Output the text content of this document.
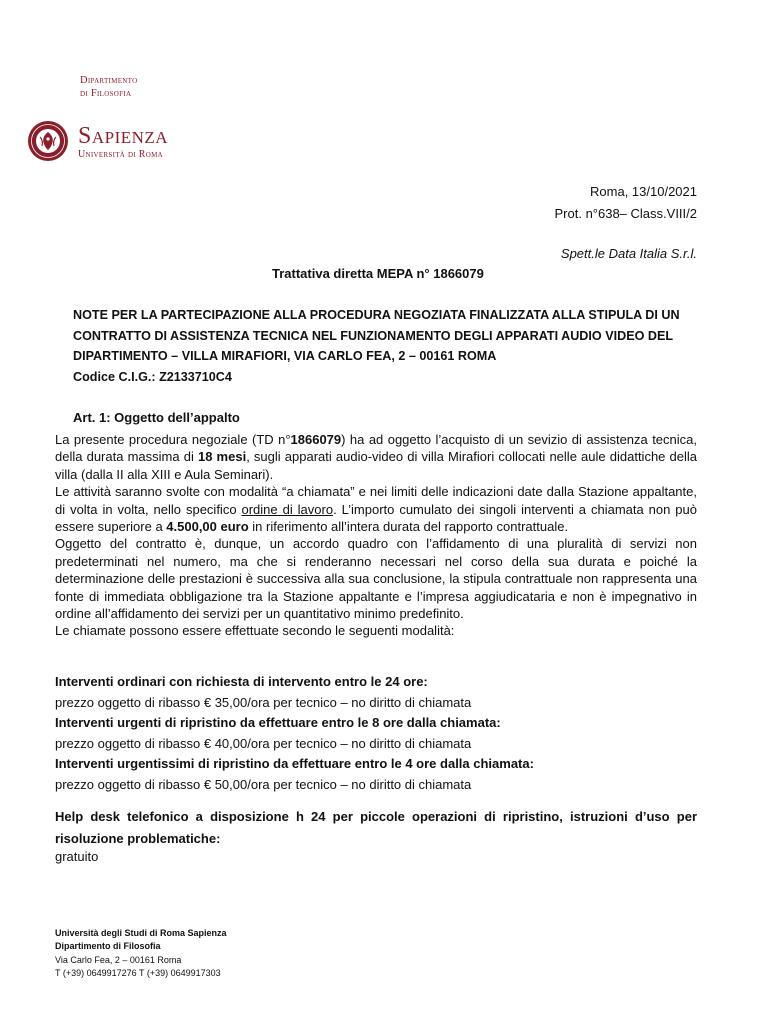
Dipartimento
di Filosofia
Sapienza
Università di Roma
Roma, 13/10/2021
Prot. n°638– Class.VIII/2
Spett.le Data Italia S.r.l.
Trattativa diretta MEPA n° 1866079
NOTE PER LA PARTECIPAZIONE ALLA PROCEDURA NEGOZIATA FINALIZZATA ALLA STIPULA DI UN
CONTRATTO DI ASSISTENZA TECNICA NEL FUNZIONAMENTO DEGLI APPARATI AUDIO VIDEO DEL
DIPARTIMENTO – VILLA MIRAFIORI, VIA CARLO FEA, 2 – 00161 ROMA
Codice C.I.G.: Z2133710C4
Art. 1: Oggetto dell’appalto
La presente procedura negoziale (TD n°1866079) ha ad oggetto l’acquisto di un sevizio di assistenza tecnica, della durata massima di 18 mesi, sugli apparati audio-video di villa Mirafiori collocati nelle aule didattiche della villa (dalla II alla XIII e Aula Seminari).
Le attività saranno svolte con modalità “a chiamata” e nei limiti delle indicazioni date dalla Stazione appaltante, di volta in volta, nello specifico ordine di lavoro. L’importo cumulato dei singoli interventi a chiamata non può essere superiore a 4.500,00 euro in riferimento all’intera durata del rapporto contrattuale.
Oggetto del contratto è, dunque, un accordo quadro con l’affidamento di una pluralità di servizi non predeterminati nel numero, ma che si renderanno necessari nel corso della sua durata e poiché la determinazione delle prestazioni è successiva alla sua conclusione, la stipula contrattuale non rappresenta una fonte di immediata obbligazione tra la Stazione appaltante e l’impresa aggiudicataria e non è impegnativo in ordine all’affidamento dei servizi per un quantitativo minimo predefinito.
Le chiamate possono essere effettuate secondo le seguenti modalità:
Interventi ordinari con richiesta di intervento entro le 24 ore:
prezzo oggetto di ribasso € 35,00/ora per tecnico – no diritto di chiamata
Interventi urgenti di ripristino da effettuare entro le 8 ore dalla chiamata:
prezzo oggetto di ribasso € 40,00/ora per tecnico – no diritto di chiamata
Interventi urgentissimi di ripristino da effettuare entro le 4 ore dalla chiamata:
prezzo oggetto di ribasso € 50,00/ora per tecnico – no diritto di chiamata
Help desk telefonico a disposizione h 24 per piccole operazioni di ripristino, istruzioni d’uso per risoluzione problematiche:
gratuito
Università degli Studi di Roma Sapienza
Dipartimento di Filosofia
Via Carlo Fea, 2 – 00161 Roma
T (+39) 0649917276 T (+39) 0649917303
